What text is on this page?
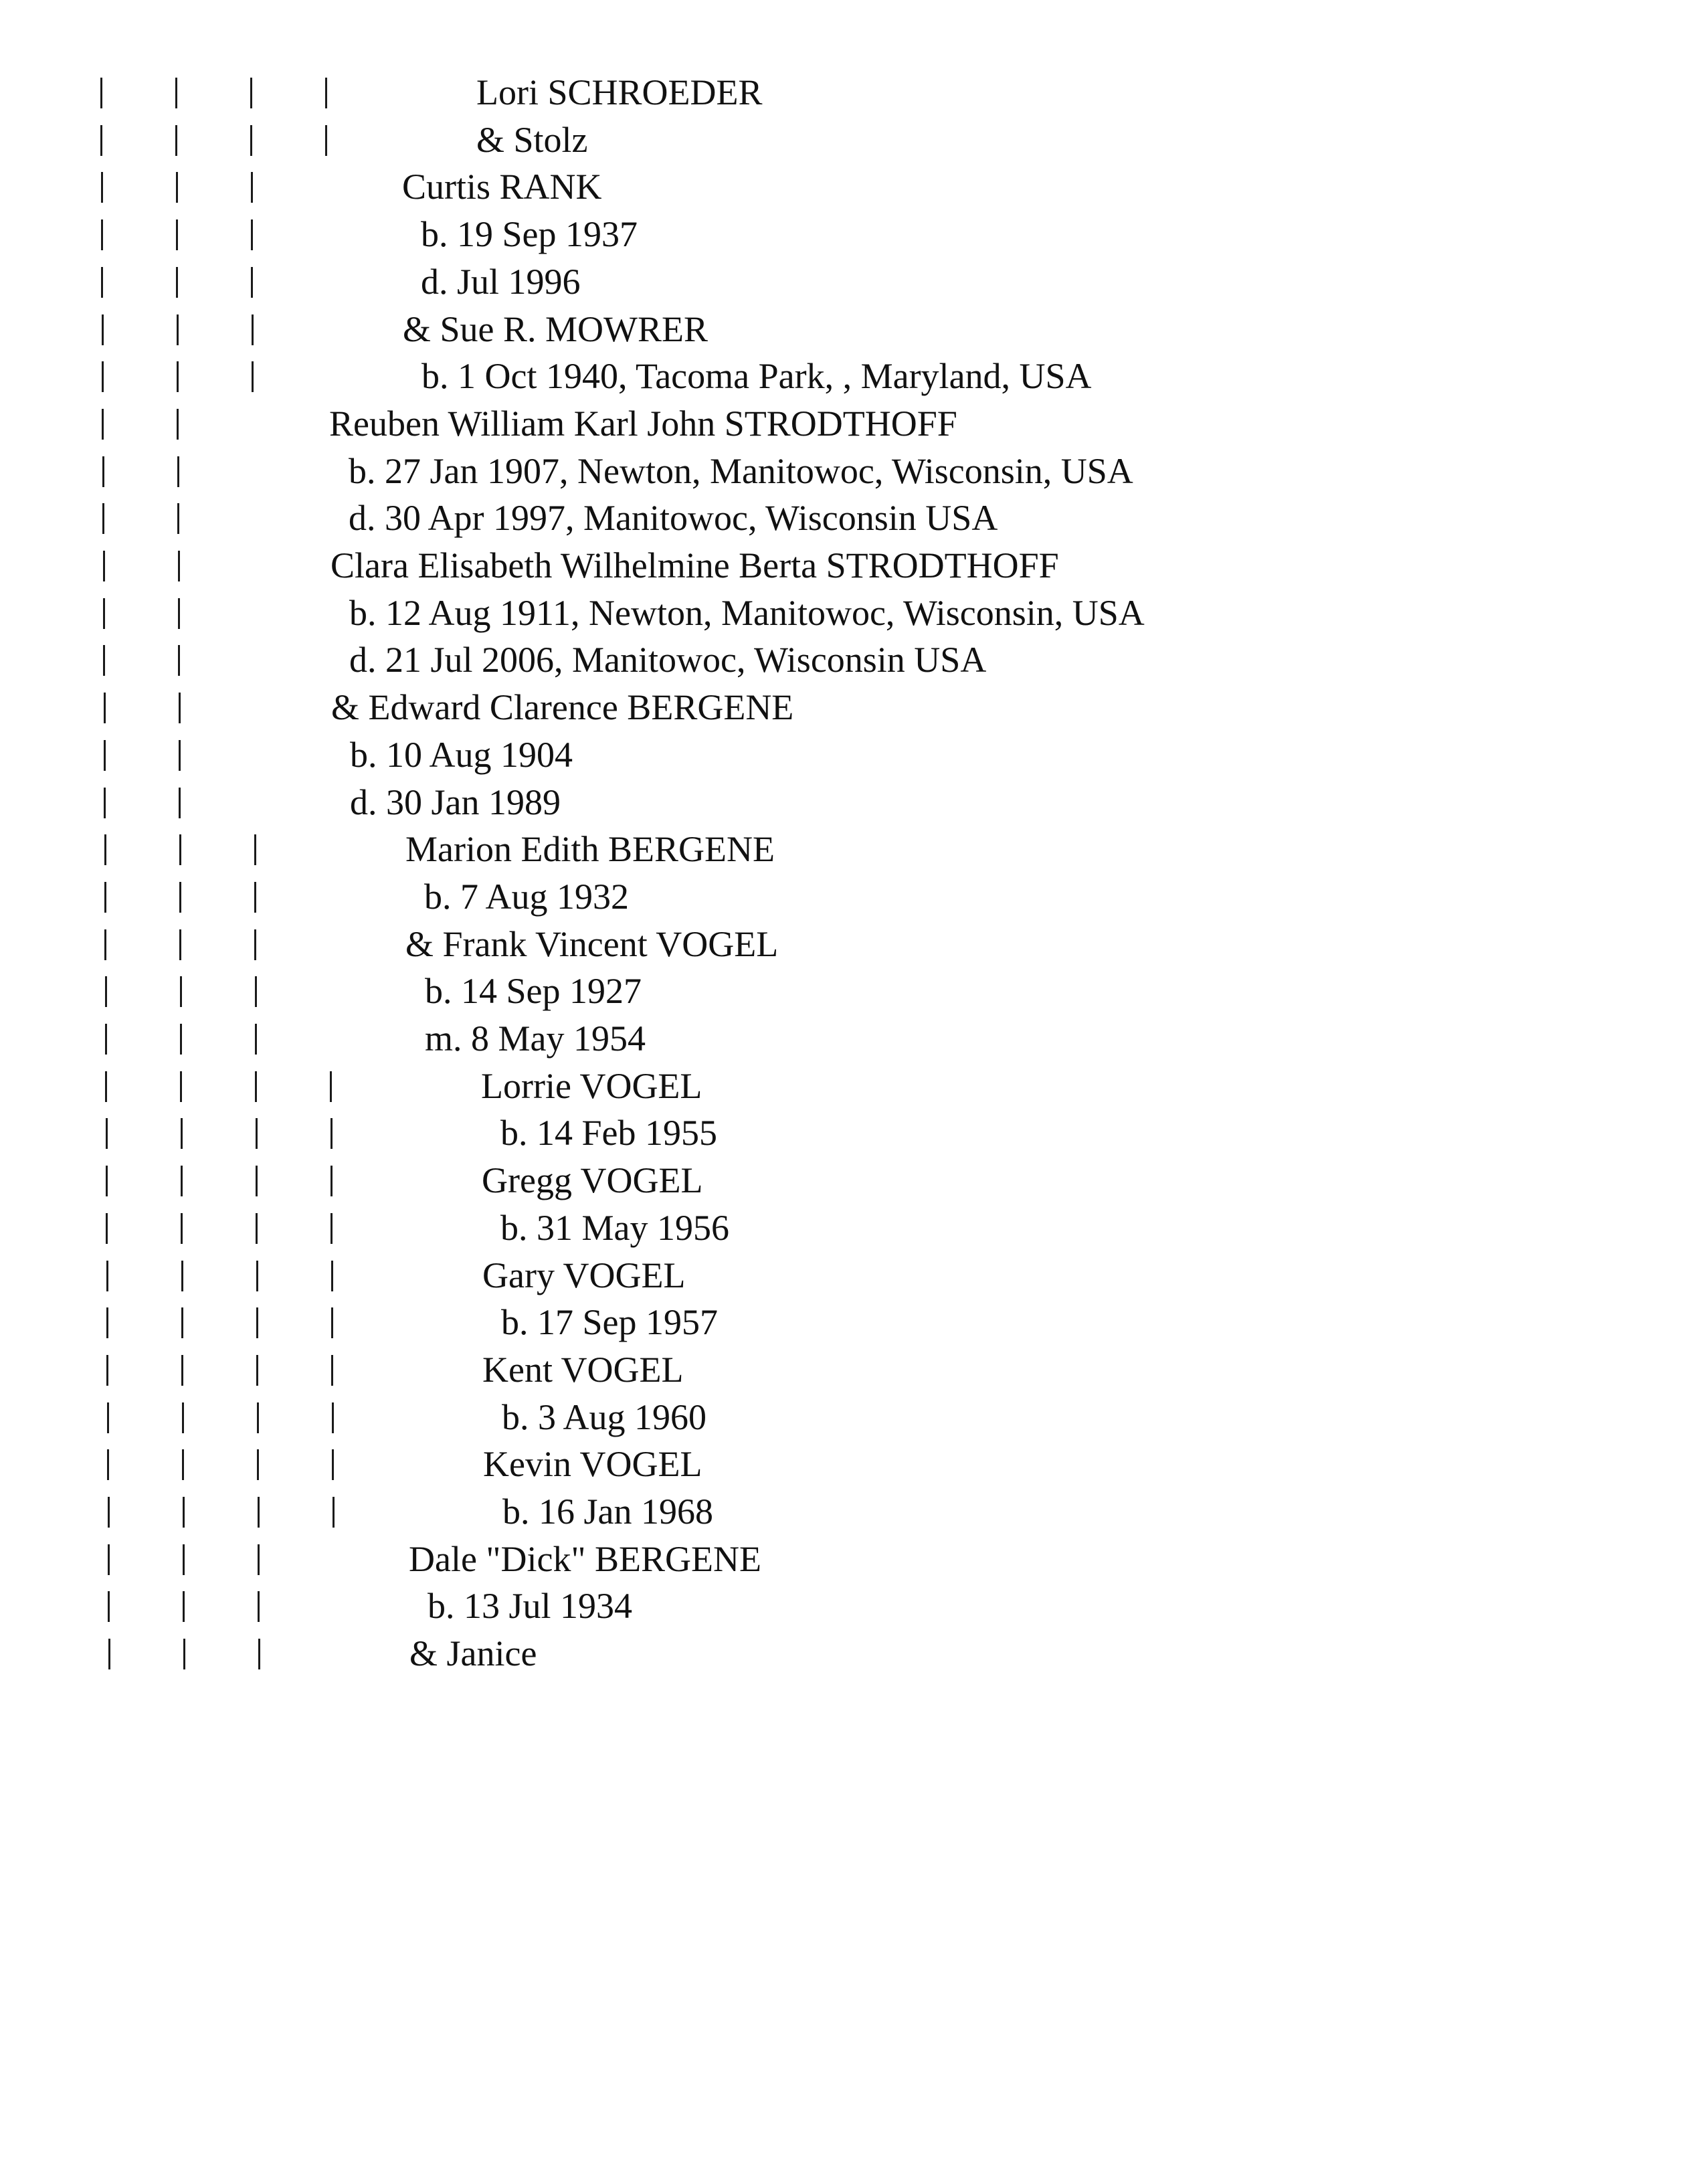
Lori SCHROEDER
& Stolz
Curtis RANK
b. 19 Sep 1937
d. Jul 1996
& Sue R. MOWRER
b. 1 Oct 1940, Tacoma Park, , Maryland, USA
Reuben William Karl John STRODTHOFF
b. 27 Jan 1907, Newton, Manitowoc, Wisconsin, USA
d. 30 Apr 1997, Manitowoc, Wisconsin USA
Clara Elisabeth Wilhelmine Berta STRODTHOFF
b. 12 Aug 1911, Newton, Manitowoc, Wisconsin, USA
d. 21 Jul 2006, Manitowoc, Wisconsin USA
& Edward Clarence BERGENE
b. 10 Aug 1904
d. 30 Jan 1989
Marion Edith BERGENE
b. 7 Aug 1932
& Frank Vincent VOGEL
b. 14 Sep 1927
m. 8 May 1954
Lorrie VOGEL
b. 14 Feb 1955
Gregg VOGEL
b. 31 May 1956
Gary VOGEL
b. 17 Sep 1957
Kent VOGEL
b. 3 Aug 1960
Kevin VOGEL
b. 16 Jan 1968
Dale "Dick" BERGENE
b. 13 Jul 1934
& Janice
